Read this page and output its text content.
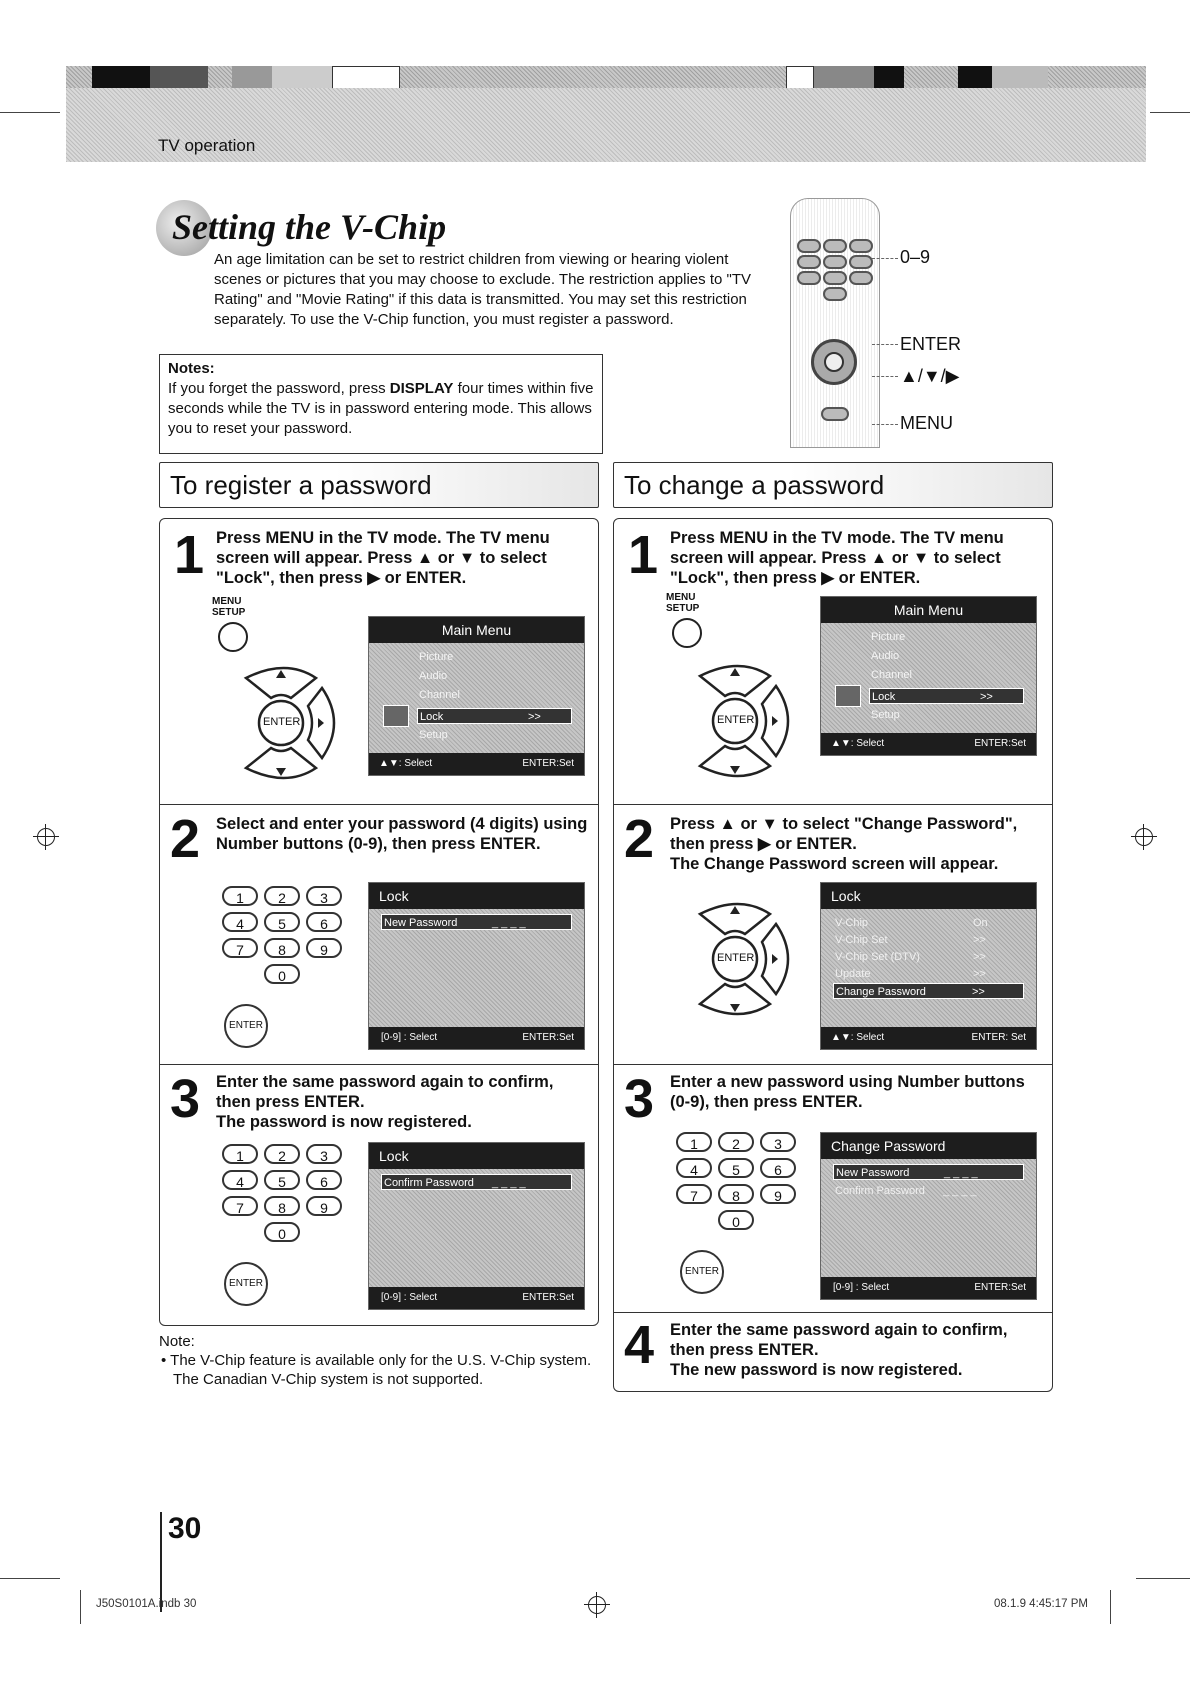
TV operation
Setting the V-Chip
An age limitation can be set to restrict children from viewing or hearing violent scenes or pictures that you may choose to exclude. The restriction applies to "TV Rating" and "Movie Rating" if this data is transmitted. You may set this restriction separately. To use the V-Chip function, you must register a password.
Notes:
If you forget the password, press DISPLAY four times within five seconds while the TV is in password entering mode. This allows you to reset your password.
0–9
ENTER
▲/▼/▶
MENU
To register a password	To change a password
1 Press MENU in the TV mode. The TV menu screen will appear. Press ▲ or ▼ to select "Lock", then press ▶ or ENTER.
MENU
SETUP
ENTER
Main Menu
Picture
Audio
Channel
Lock	>>
Setup
▲▼: Select	ENTER:Set
2 Select and enter your password (4 digits) using Number buttons (0-9), then press ENTER.
1	2	3
4	5	6
7	8	9
0
ENTER
Lock
New Password	_ _ _ _
[0-9] : Select	ENTER:Set
3 Enter the same password again to confirm, then press ENTER.
The password is now registered.
1	2	3
4	5	6
7	8	9
0
ENTER
Lock
Confirm Password _ _ _ _
[0-9] : Select	ENTER:Set
Note:
• The V-Chip feature is available only for the U.S. V-Chip system. The Canadian V-Chip system is not supported.
1 Press MENU in the TV mode. The TV menu screen will appear. Press ▲ or ▼ to select "Lock", then press ▶ or ENTER.
MENU
SETUP
ENTER
Main Menu
Picture
Audio
Channel
Lock	>>
Setup
▲▼: Select	ENTER:Set
2 Press ▲ or ▼ to select "Change Password", then press ▶ or ENTER.
The Change Password screen will appear.
ENTER
Lock
V-Chip	On
V-Chip Set	>>
V-Chip Set (DTV)	>>
Update	>>
Change Password	>>
▲▼: Select	ENTER: Set
3 Enter a new password using Number buttons (0-9), then press ENTER.
1	2	3
4	5	6
7	8	9
0
ENTER
Change Password
New Password	_ _ _ _
Confirm Password _ _ _ _
[0-9] : Select	ENTER:Set
4 Enter the same password again to confirm, then press ENTER.
The new password is now registered.
30
J50S0101A.indb 30	08.1.9 4:45:17 PM
